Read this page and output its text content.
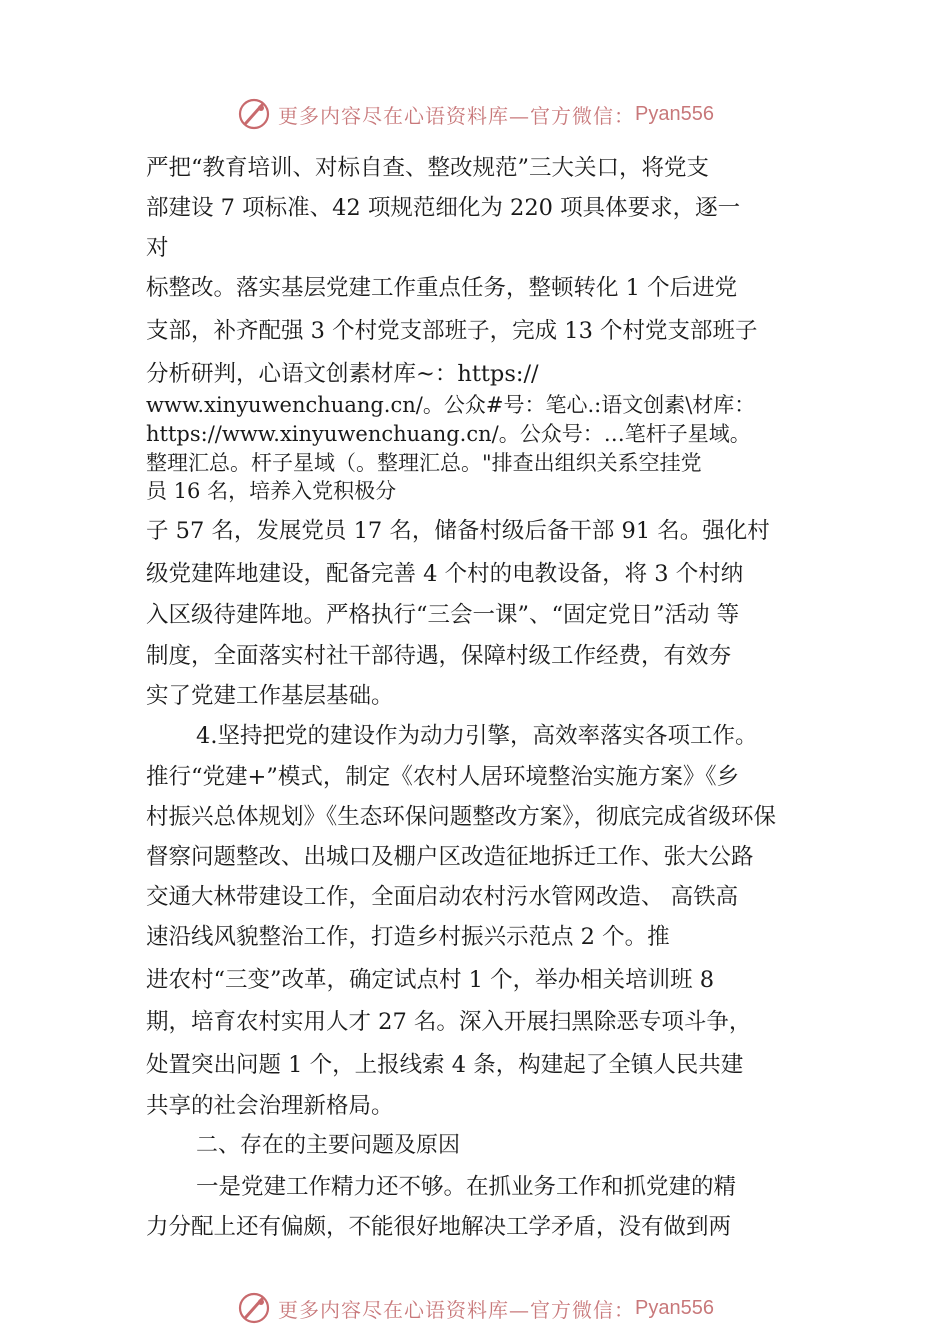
更多内容尽在心语资料库—官方微信： Pyan556
严把“教育培训、对标自查、整改规范”三大关口，将党支
部建设 7 项标准、42 项规范细化为 220 项具体要求，逐一
对
标整改。落实基层党建工作重点任务，整顿转化 1 个后进党
支部，补齐配强 3 个村党支部班子，完成 13 个村党支部班子
分析研判，心语文创素材库~：https://
www.xinyuwenchuang.cn/。公众#号：笔心.:语文创素\材库：
https://www.xinyuwenchuang.cn/。公众号：…笔杆子星域。
整理汇总。杆子星域（。整理汇总。"排查出组织关系空挂党
员 16 名，培养入党积极分
子 57 名，发展党员 17 名，储备村级后备干部 91 名。强化村
级党建阵地建设，配备完善 4 个村的电教设备，将 3 个村纳
入区级待建阵地。严格执行“三会一课”、“固定党日”活动 等
制度，全面落实村社干部待遇，保障村级工作经费，有效夯
实了党建工作基层基础。
4.坚持把党的建设作为动力引擎，高效率落实各项工作。
推行“党建+”模式，制定《农村人居环境整治实施方案》《乡
村振兴总体规划》《生态环保问题整改方案》，彻底完成省级环保
督察问题整改、出城口及棚户区改造征地拆迁工作、张大公路
交通大林带建设工作，全面启动农村污水管网改造、 高铁高
速沿线风貌整治工作，打造乡村振兴示范点 2 个。推
进农村“三变”改革，确定试点村 1 个，举办相关培训班 8
期，培育农村实用人才 27 名。深入开展扫黑除恶专项斗争，
处置突出问题 1 个，上报线索 4 条，构建起了全镇人民共建
共享的社会治理新格局。
二、存在的主要问题及原因
一是党建工作精力还不够。在抓业务工作和抓党建的精
力分配上还有偏颇，不能很好地解决工学矛盾，没有做到两
更多内容尽在心语资料库—官方微信： Pyan556
